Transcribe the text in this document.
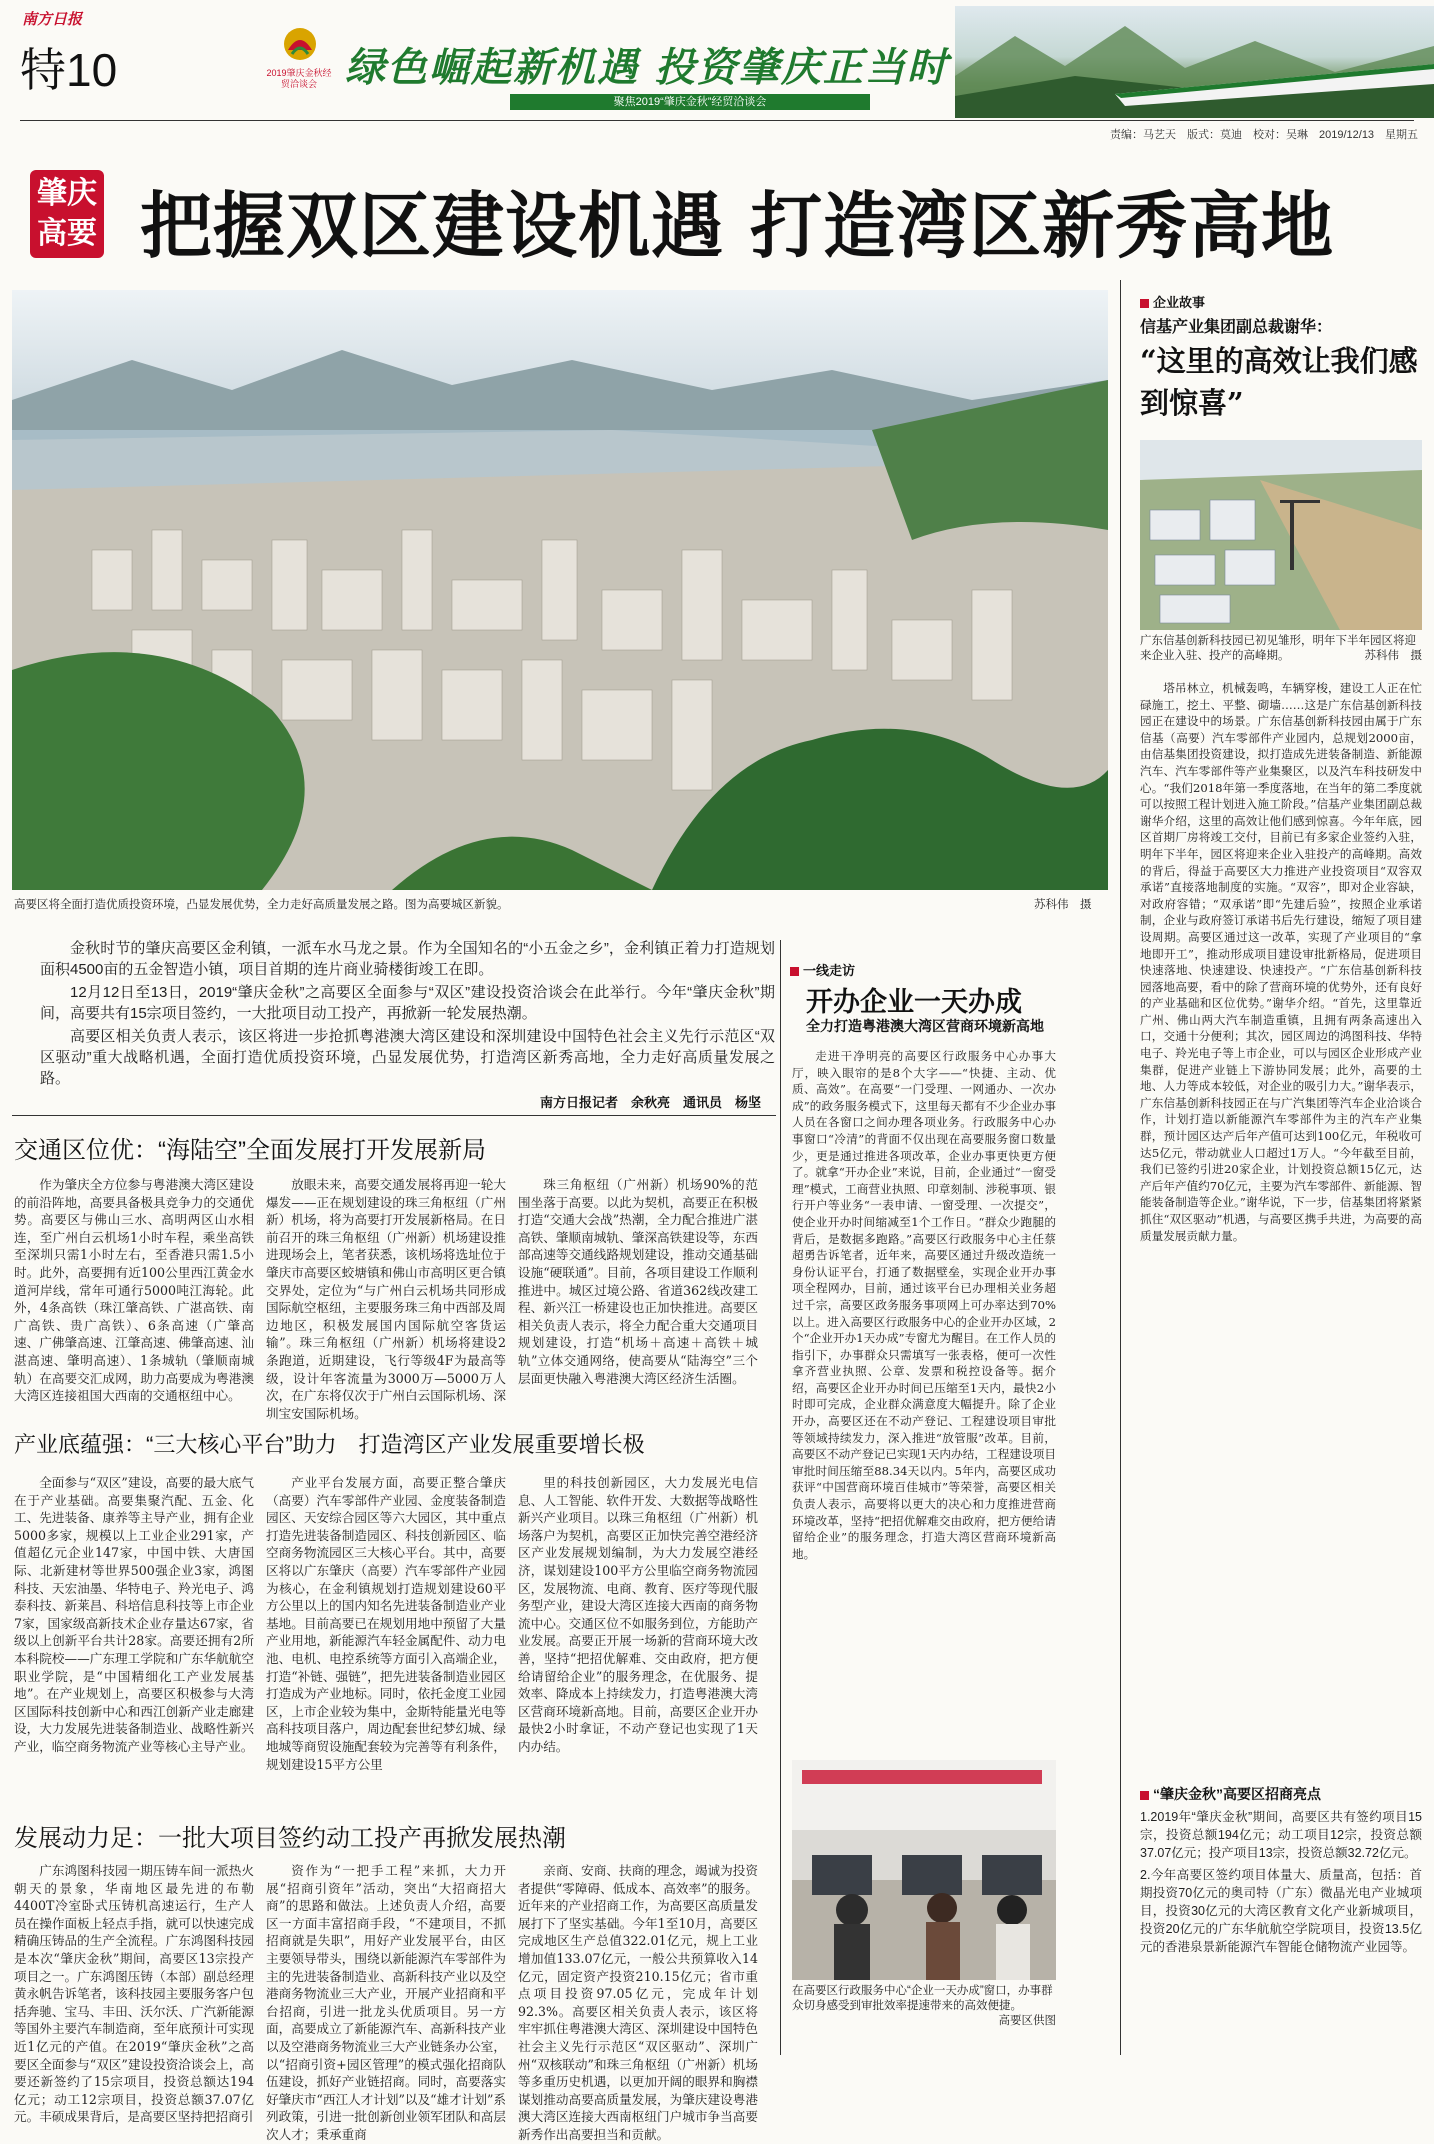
南方日报
特10	2019肇庆金秋经贸洽谈会 绿色崛起新机遇 投资肇庆正当时
聚焦2019“肇庆金秋”经贸洽谈会
责编：马艺天　版式：莫迪　校对：吴琳　2019/12/13　星期五
肇庆
高要 把握双区建设机遇 打造湾区新秀高地
高要区将全面打造优质投资环境，凸显发展优势，全力走好高质量发展之路。图为高要城区新貌。	苏科伟　摄

金秋时节的肇庆高要区金利镇，一派车水马龙之景。作为全国知名的“小五金之乡”，金利镇正着力打造规划面积4500亩的五金智造小镇，项目首期的连片商业骑楼街竣工在即。

12月12日至13日，2019“肇庆金秋”之高要区全面参与“双区”建设投资洽谈会在此举行。今年“肇庆金秋”期间，高要共有15宗项目签约，一大批项目动工投产，再掀新一轮发展热潮。

高要区相关负责人表示，该区将进一步抢抓粤港澳大湾区建设和深圳建设中国特色社会主义先行示范区“双区驱动”重大战略机遇，全面打造优质投资环境，凸显发展优势，打造湾区新秀高地，全力走好高质量发展之路。

南方日报记者　余秋亮　通讯员　杨坚
交通区位优：“海陆空”全面发展打开发展新局

作为肇庆全方位参与粤港澳大湾区建设的前沿阵地，高要具备极具竞争力的交通优势。高要区与佛山三水、高明两区山水相连，至广州白云机场1小时车程，乘坐高铁至深圳只需1小时左右，至香港只需1.5小时。此外，高要拥有近100公里西江黄金水道河岸线，常年可通行5000吨江海轮。此外，4条高铁（珠江肇高铁、广湛高铁、南广高铁、贵广高铁）、6条高速（广肇高速、广佛肇高速、江肇高速、佛肇高速、汕湛高速、肇明高速）、1条城轨（肇顺南城轨）在高要交汇成网，助力高要成为粤港澳大湾区连接祖国大西南的交通枢纽中心。

放眼未来，高要交通发展将再迎一轮大爆发——正在规划建设的珠三角枢纽（广州新）机场，将为高要打开发展新格局。在日前召开的珠三角枢纽（广州新）机场建设推进现场会上，笔者获悉，该机场将选址位于肇庆市高要区蛟塘镇和佛山市高明区更合镇交界处，定位为“与广州白云机场共同形成国际航空枢纽，主要服务珠三角中西部及周边地区，积极发展国内国际航空客货运输”。珠三角枢纽（广州新）机场将建设2条跑道，近期建设，飞行等级4F为最高等级，设计年客流量为3000万—5000万人次，在广东将仅次于广州白云国际机场、深圳宝安国际机场。

珠三角枢纽（广州新）机场90%的范围坐落于高要。以此为契机，高要正在积极打造“交通大会战”热潮，全力配合推进广湛高铁、肇顺南城轨、肇深高铁建设等，东西部高速等交通线路规划建设，推动交通基础设施“硬联通”。目前，各项目建设工作顺利推进中。城区过境公路、省道362线改建工程、新兴江一桥建设也正加快推进。高要区相关负责人表示，将全力配合重大交通项目规划建设，打造“机场＋高速＋高铁＋城轨”立体交通网络，使高要从“陆海空”三个层面更快融入粤港澳大湾区经济生活圈。

产业底蕴强：“三大核心平台”助力　打造湾区产业发展重要增长极

全面参与“双区”建设，高要的最大底气在于产业基础。高要集聚汽配、五金、化工、先进装备、康养等主导产业，拥有企业5000多家，规模以上工业企业291家，产值超亿元企业147家，中国中铁、大唐国际、北新建材等世界500强企业3家，鸿图科技、天宏油墨、华特电子、羚光电子、鸿泰科技、新莱昌、科培信息科技等上市企业7家，国家级高新技术企业存量达67家，省级以上创新平台共计28家。高要还拥有2所本科院校——广东理工学院和广东华航航空职业学院，是“中国精细化工产业发展基地”。在产业规划上，高要区积极参与大湾区国际科技创新中心和西江创新产业走廊建设，大力发展先进装备制造业、战略性新兴产业，临空商务物流产业等核心主导产业。

产业平台发展方面，高要正整合肇庆（高要）汽车零部件产业园、金度装备制造园区、天安综合园区等六大园区，其中重点打造先进装备制造园区、科技创新园区、临空商务物流园区三大核心平台。其中，高要区将以广东肇庆（高要）汽车零部件产业园为核心，在金利镇规划打造规划建设60平方公里以上的国内知名先进装备制造业产业基地。目前高要已在规划用地中预留了大量产业用地，新能源汽车轻金属配件、动力电池、电机、电控系统等方面引入高端企业，打造“补链、强链”，把先进装备制造业园区打造成为产业地标。同时，依托金度工业园区，上市企业较为集中，金斯特能量光电等高科技项目落户，周边配套世纪梦幻城、绿地城等商贸设施配套较为完善等有利条件，规划建设15平方公里

里的科技创新园区，大力发展光电信息、人工智能、软件开发、大数据等战略性新兴产业项目。以珠三角枢纽（广州新）机场落户为契机，高要区正加快完善空港经济区产业发展规划编制，为大力发展空港经济，谋划建设100平方公里临空商务物流园区，发展物流、电商、教育、医疗等现代服务型产业，建设大湾区连接大西南的商务物流中心。交通区位不如服务到位，方能助产业发展。高要正开展一场新的营商环境大改善，坚持“把招优解难、交由政府，把方便给请留给企业”的服务理念，在优服务、提效率、降成本上持续发力，打造粤港澳大湾区营商环境新高地。目前，高要区企业开办最快2小时拿证，不动产登记也实现了1天内办结。

发展动力足：一批大项目签约动工投产再掀发展热潮

广东鸿图科技园一期压铸车间一派热火朝天的景象，华南地区最先进的布勒4400T冷室卧式压铸机高速运行，生产人员在操作面板上轻点手指，就可以快速完成精确压铸品的生产全流程。广东鸿图科技园是本次“肇庆金秋”期间，高要区13宗投产项目之一。广东鸿图压铸（本部）副总经理黄永帆告诉笔者，该科技园主要服务客户包括奔驰、宝马、丰田、沃尔沃、广汽新能源等国外主要汽车制造商，至年底预计可实现近1亿元的产值。在2019“肇庆金秋”之高要区全面参与“双区”建设投资洽谈会上，高要还新签约了15宗项目，投资总额达194亿元；动工12宗项目，投资总额37.07亿元。丰硕成果背后，是高要区坚持把招商引

资作为“一把手工程”来抓，大力开展“招商引资年”活动，突出“大招商招大商”的思路和做法。上述负责人介绍，高要区一方面丰富招商手段，“不建项目，不抓招商就是失职”，用好产业发展平台，由区主要领导带头，围绕以新能源汽车零部件为主的先进装备制造业、高新科技产业以及空港商务物流业三大产业，开展产业招商和平台招商，引进一批龙头优质项目。另一方面，高要成立了新能源汽车、高新科技产业以及空港商务物流业三大产业链条办公室，以“招商引资+园区管理”的模式强化招商队伍建设，抓好产业链招商。同时，高要落实好肇庆市“西江人才计划”以及“雄才计划”系列政策，引进一批创新创业领军团队和高层次人才；秉承重商

亲商、安商、扶商的理念，竭诚为投资者提供“零障碍、低成本、高效率”的服务。近年来的产业招商工作，为高要区高质量发展打下了坚实基础。今年1至10月，高要区完成地区生产总值322.01亿元，规上工业增加值133.07亿元，一般公共预算收入14亿元，固定资产投资210.15亿元；省市重点项目投资97.05亿元，完成年计划92.3%。高要区相关负责人表示，该区将牢牢抓住粤港澳大湾区、深圳建设中国特色社会主义先行示范区“双区驱动”、深圳广州“双核联动”和珠三角枢纽（广州新）机场等多重历史机遇，以更加开阔的眼界和胸襟谋划推动高要高质量发展，为肇庆建设粤港澳大湾区连接大西南枢纽门户城市争当高要新秀作出高要担当和贡献。

一线走访
开办企业一天办成
全力打造粤港澳大湾区营商环境新高地

走进干净明亮的高要区行政服务中心办事大厅，映入眼帘的是8个大字——“快捷、主动、优质、高效”。在高要“一门受理、一网通办、一次办成”的政务服务模式下，这里每天都有不少企业办事人员在各窗口之间办理各项业务。行政服务中心办事窗口“冷清”的背面不仅出现在高要服务窗口数量少，更是通过推进各项改革，企业办事更快更方便了。就拿“开办企业”来说，目前，企业通过“一窗受理”模式，工商营业执照、印章刻制、涉税事项、银行开户等业务“一表申请、一窗受理、一次提交”，使企业开办时间缩减至1个工作日。“群众少跑腿的背后，是数据多跑路。”高要区行政服务中心主任蔡超勇告诉笔者，近年来，高要区通过升级改造统一身份认证平台，打通了数据壁垒，实现企业开办事项全程网办，目前，通过该平台已办理相关业务超过千宗，高要区政务服务事项网上可办率达到70%以上。进入高要区行政服务中心的企业开办区域，2个“企业开办1天办成”专窗尤为醒目。在工作人员的指引下，办事群众只需填写一张表格，便可一次性拿齐营业执照、公章、发票和税控设备等。据介绍，高要区企业开办时间已压缩至1天内，最快2小时即可完成，企业群众满意度大幅提升。除了企业开办，高要区还在不动产登记、工程建设项目审批等领域持续发力，深入推进“放管服”改革。目前，高要区不动产登记已实现1天内办结，工程建设项目审批时间压缩至88.34天以内。5年内，高要区成功获评“中国营商环境百佳城市”等荣誉，高要区相关负责人表示，高要将以更大的决心和力度推进营商环境改革，坚持“把招优解难交由政府，把方便给请留给企业”的服务理念，打造大湾区营商环境新高地。

在高要区行政服务中心“企业一天办成”窗口，办事群众切身感受到审批效率提速带来的高效便捷。
高要区供图
企业故事
信基产业集团副总裁谢华：
“这里的高效让我们感到惊喜”
广东信基创新科技园已初见雏形，明年下半年园区将迎来企业入驻、投产的高峰期。	苏科伟　摄

塔吊林立，机械轰鸣，车辆穿梭，建设工人正在忙碌施工，挖土、平整、砌墙……这是广东信基创新科技园正在建设中的场景。广东信基创新科技园由属于广东信基（高要）汽车零部件产业园内，总规划2000亩，由信基集团投资建设，拟打造成先进装备制造、新能源汽车、汽车零部件等产业集聚区，以及汽车科技研发中心。“我们2018年第一季度落地，在当年的第二季度就可以按照工程计划进入施工阶段。”信基产业集团副总裁谢华介绍，这里的高效让他们感到惊喜。今年年底，园区首期厂房将竣工交付，目前已有多家企业签约入驻，明年下半年，园区将迎来企业入驻投产的高峰期。高效的背后，得益于高要区大力推进产业投资项目“双容双承诺”直接落地制度的实施。“双容”，即对企业容缺，对政府容错；“双承诺”即“先建后验”，按照企业承诺制，企业与政府签订承诺书后先行建设，缩短了项目建设周期。高要区通过这一改革，实现了产业项目的“拿地即开工”，推动形成项目建设审批新格局，促进项目快速落地、快速建设、快速投产。“广东信基创新科技园落地高要，看中的除了营商环境的优势外，还有良好的产业基础和区位优势。”谢华介绍。“首先，这里靠近广州、佛山两大汽车制造重镇，且拥有两条高速出入口，交通十分便利；其次，园区周边的鸿图科技、华特电子、羚光电子等上市企业，可以与园区企业形成产业集群，促进产业链上下游协同发展；此外，高要的土地、人力等成本较低，对企业的吸引力大。”谢华表示，广东信基创新科技园正在与广汽集团等汽车企业洽谈合作，计划打造以新能源汽车零部件为主的汽车产业集群，预计园区达产后年产值可达到100亿元，年税收可达5亿元，带动就业人口超过1万人。“今年截至目前，我们已签约引进20家企业，计划投资总额15亿元，达产后年产值约70亿元，主要为汽车零部件、新能源、智能装备制造等企业。”谢华说，下一步，信基集团将紧紧抓住“双区驱动”机遇，与高要区携手共进，为高要的高质量发展贡献力量。

“肇庆金秋”高要区招商亮点
1.2019年“肇庆金秋”期间，高要区共有签约项目15宗，投资总额194亿元；动工项目12宗，投资总额37.07亿元；投产项目13宗，投资总额32.72亿元。
2.今年高要区签约项目体量大、质量高，包括：首期投资70亿元的奥司特（广东）微晶光电产业城项目，投资30亿元的大湾区教育文化产业新城项目，投资20亿元的广东华航航空学院项目，投资13.5亿元的香港泉景新能源汽车智能仓储物流产业园等。
